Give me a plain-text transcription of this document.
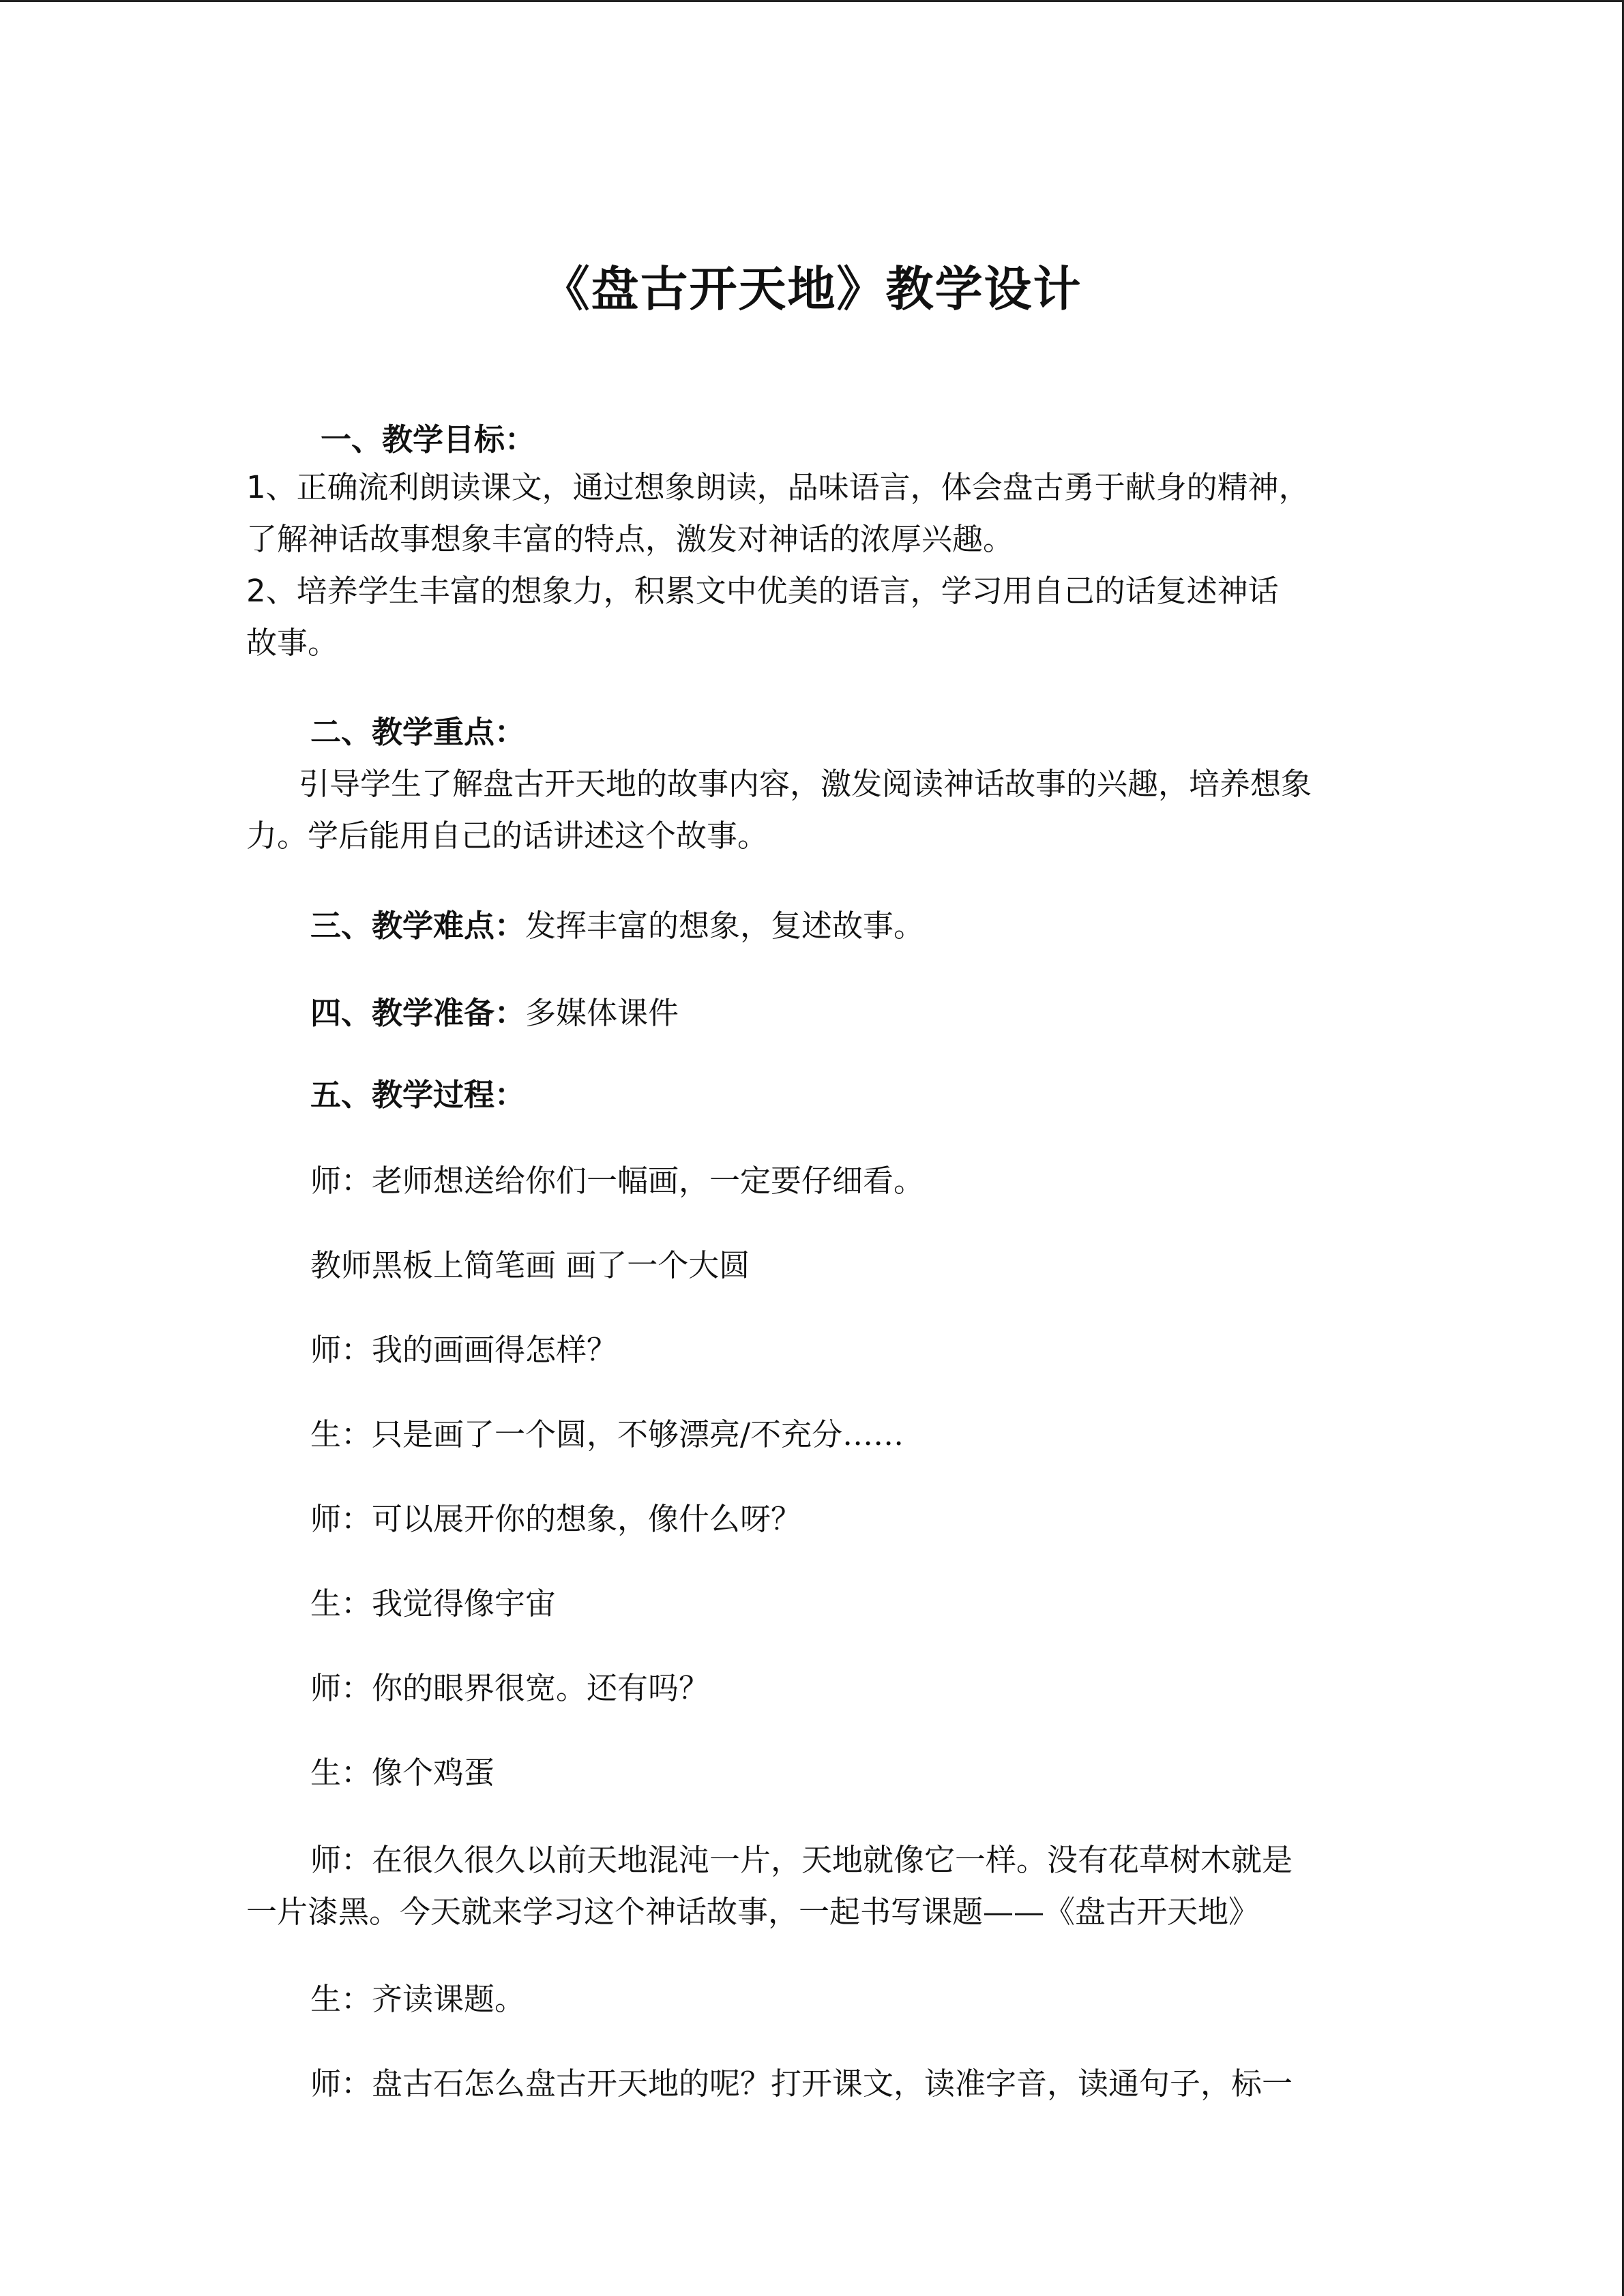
《盘古开天地》教学设计
一、教学目标：
1、正确流利朗读课文，通过想象朗读，品味语言，体会盘古勇于献身的精神，
了解神话故事想象丰富的特点，激发对神话的浓厚兴趣。
2、培养学生丰富的想象力，积累文中优美的语言，学习用自己的话复述神话
故事。
二、教学重点：
引导学生了解盘古开天地的故事内容，激发阅读神话故事的兴趣，培养想象
力。学后能用自己的话讲述这个故事。
三、教学难点：发挥丰富的想象，复述故事。
四、教学准备：多媒体课件
五、教学过程：
师：老师想送给你们一幅画，一定要仔细看。
教师黑板上简笔画 画了一个大圆
师：我的画画得怎样？
生：只是画了一个圆，不够漂亮/不充分……
师：可以展开你的想象，像什么呀？
生：我觉得像宇宙
师：你的眼界很宽。还有吗？
生：像个鸡蛋
师：在很久很久以前天地混沌一片，天地就像它一样。没有花草树木就是
一片漆黑。今天就来学习这个神话故事，一起书写课题——《盘古开天地》
生：齐读课题。
师：盘古石怎么盘古开天地的呢？打开课文，读准字音，读通句子，标一
